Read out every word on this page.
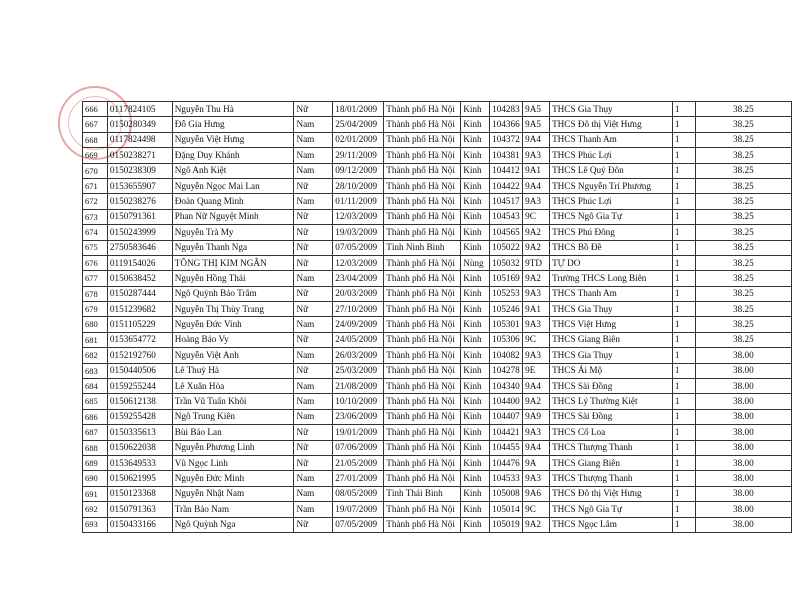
666	0117824105	Nguyễn Thu Hà	Nữ	18/01/2009	Thành phố Hà Nội	Kinh	104283	9A5	THCS Gia Thụy	1	38.25
667	0150280349	Đỗ Gia Hưng	Nam	25/04/2009	Thành phố Hà Nội	Kinh	104366	9A5	THCS Đô thị Việt Hưng	1	38.25
668	0117824498	Nguyễn Việt Hưng	Nam	02/01/2009	Thành phố Hà Nội	Kinh	104372	9A4	THCS Thanh Am	1	38.25
669	0150238271	Đặng Duy Khánh	Nam	29/11/2009	Thành phố Hà Nội	Kinh	104381	9A3	THCS Phúc Lợi	1	38.25
670	0150238309	Ngô Anh Kiệt	Nam	09/12/2009	Thành phố Hà Nội	Kinh	104412	9A1	THCS Lê Quý Đôn	1	38.25
671	0153655907	Nguyễn Ngọc Mai Lan	Nữ	28/10/2009	Thành phố Hà Nội	Kinh	104422	9A4	THCS Nguyễn Trí Phương	1	38.25
672	0150238276	Đoàn Quang Minh	Nam	01/11/2009	Thành phố Hà Nội	Kinh	104517	9A3	THCS Phúc Lợi	1	38.25
673	0150791361	Phan Nữ Nguyệt Minh	Nữ	12/03/2009	Thành phố Hà Nội	Kinh	104543	9C	THCS Ngô Gia Tự	1	38.25
674	0150243999	Nguyễn Trà My	Nữ	19/03/2009	Thành phố Hà Nội	Kinh	104565	9A2	THCS Phú Đông	1	38.25
675	2750583646	Nguyễn Thanh Nga	Nữ	07/05/2009	Tỉnh Ninh Bình	Kinh	105022	9A2	THCS Bồ Đề	1	38.25
676	0119154026	TÔNG THỊ KIM NGÂN	Nữ	12/03/2009	Thành phố Hà Nội	Nùng	105032	9TD	TỰ DO	1	38.25
677	0150638452	Nguyễn Hồng Thái	Nam	23/04/2009	Thành phố Hà Nội	Kinh	105169	9A2	Trường THCS Long Biên	1	38.25
678	0150287444	Ngô Quỳnh Bảo Trâm	Nữ	20/03/2009	Thành phố Hà Nội	Kinh	105253	9A3	THCS Thanh Am	1	38.25
679	0151239682	Nguyễn Thị Thùy Trang	Nữ	27/10/2009	Thành phố Hà Nội	Kinh	105246	9A1	THCS Gia Thụy	1	38.25
680	0151105229	Nguyễn Đức Vinh	Nam	24/09/2009	Thành phố Hà Nội	Kinh	105301	9A3	THCS Việt Hưng	1	38.25
681	0153654772	Hoàng Bảo Vy	Nữ	24/05/2009	Thành phố Hà Nội	Kinh	105306	9C	THCS Giang Biên	1	38.25
682	0152192760	Nguyễn Việt Anh	Nam	26/03/2009	Thành phố Hà Nội	Kinh	104082	9A3	THCS Gia Thụy	1	38.00
683	0150440506	Lê Thuỳ Hà	Nữ	25/03/2009	Thành phố Hà Nội	Kinh	104278	9E	THCS Ái Mộ	1	38.00
684	0159255244	Lê Xuân Hòa	Nam	21/08/2009	Thành phố Hà Nội	Kinh	104340	9A4	THCS Sài Đồng	1	38.00
685	0150612138	Trần Vũ Tuấn Khôi	Nam	10/10/2009	Thành phố Hà Nội	Kinh	104400	9A2	THCS Lý Thường Kiệt	1	38.00
686	0159255428	Ngô Trung Kiên	Nam	23/06/2009	Thành phố Hà Nội	Kinh	104407	9A9	THCS Sài Đồng	1	38.00
687	0150335613	Bùi Bảo Lan	Nữ	19/01/2009	Thành phố Hà Nội	Kinh	104421	9A3	THCS Cổ Loa	1	38.00
688	0150622038	Nguyễn Phương Linh	Nữ	07/06/2009	Thành phố Hà Nội	Kinh	104455	9A4	THCS Thượng Thanh	1	38.00
689	0153649533	Vũ Ngọc Linh	Nữ	21/05/2009	Thành phố Hà Nội	Kinh	104476	9A	THCS Giang Biên	1	38.00
690	0150621995	Nguyễn Đức Minh	Nam	27/01/2009	Thành phố Hà Nội	Kinh	104533	9A3	THCS Thượng Thanh	1	38.00
691	0150123368	Nguyễn Nhật Nam	Nam	08/05/2009	Tỉnh Thái Bình	Kinh	105008	9A6	THCS Đô thị Việt Hưng	1	38.00
692	0150791363	Trần Bảo Nam	Nam	19/07/2009	Thành phố Hà Nội	Kinh	105014	9C	THCS Ngô Gia Tự	1	38.00
693	0150433166	Ngô Quỳnh Nga	Nữ	07/05/2009	Thành phố Hà Nội	Kinh	105019	9A2	THCS Ngọc Lâm	1	38.00
